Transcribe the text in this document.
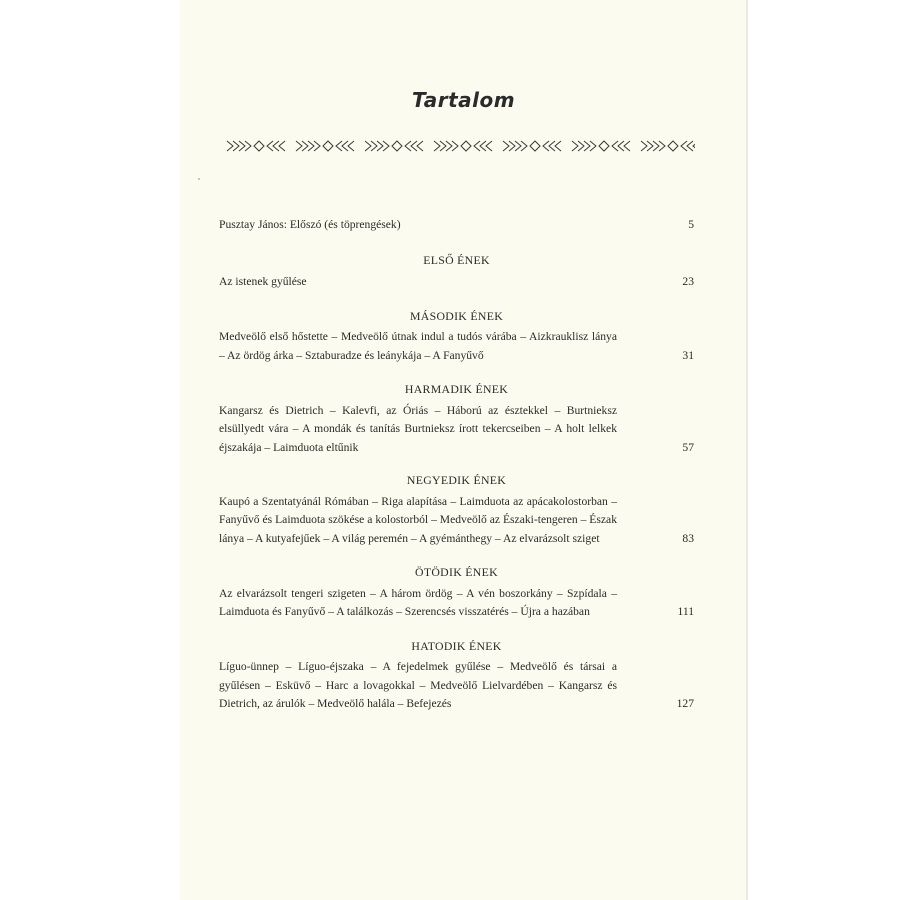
Tartalom
Pusztay János: Előszó (és töprengések)	5
ELSŐ ÉNEK
Az istenek gyűlése	23
MÁSODIK ÉNEK
Medveölő első hőstette – Medveölő útnak indul a tudós várába – Aizkrauklisz lánya – Az ördög árka – Sztaburadze és leánykája – A Fanyűvő	31
HARMADIK ÉNEK
Kangarsz és Dietrich – Kalevfi, az Óriás – Háború az észtekkel – Burtnieksz elsüllyedt vára – A mondák és tanítás Burtnieksz írott tekercseiben – A holt lelkek éjszakája – Laimduota eltűnik	57
NEGYEDIK ÉNEK
Kaupó a Szentatyánál Rómában – Riga alapítása – Laimduota az apácakolostorban – Fanyűvő és Laimduota szökése a kolostorból – Medveölő az Északi-tengeren – Észak lánya – A kutyafejűek – A világ peremén – A gyémánthegy – Az elvarázsolt sziget	83
ÖTÖDIK ÉNEK
Az elvarázsolt tengeri szigeten – A három ördög – A vén boszorkány – Szpídala – Laimduota és Fanyűvő – A találkozás – Szerencsés visszatérés – Újra a hazában	111
HATODIK ÉNEK
Líguo-ünnep – Líguo-éjszaka – A fejedelmek gyűlése – Medveölő és társai a gyűlésen – Esküvő – Harc a lovagokkal – Medveölő Lielvardében – Kangarsz és Dietrich, az árulók – Medveölő halála – Befejezés	127
